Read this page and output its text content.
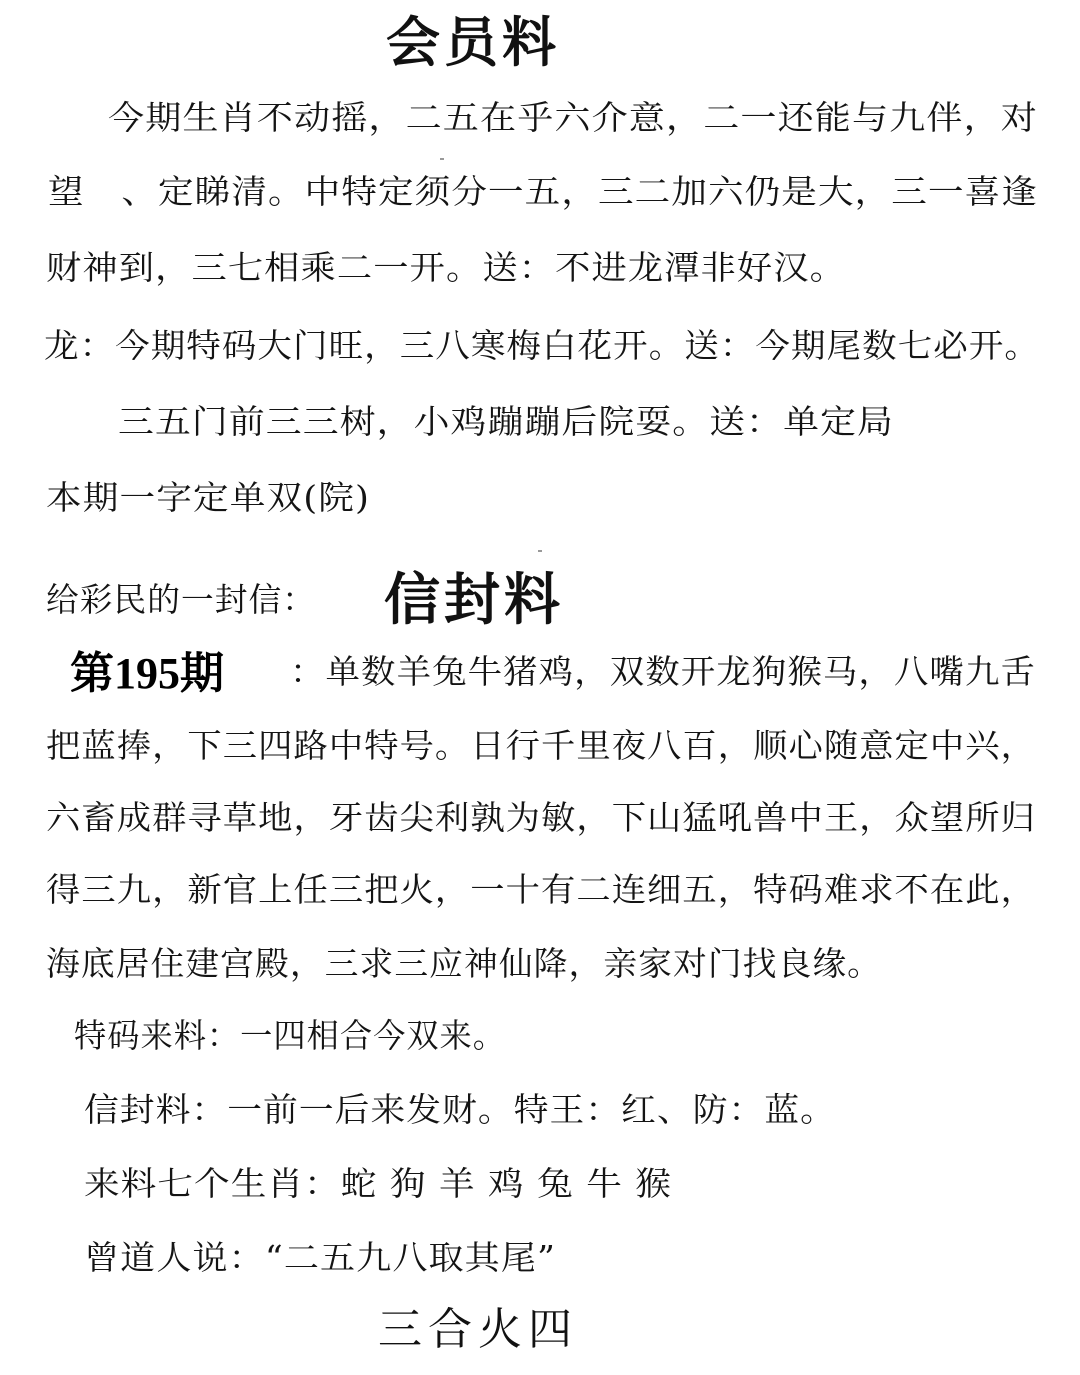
会员料
今期生肖不动摇，二五在乎六介意，二一还能与九伴，对
望　、定睇清。中特定须分一五，三二加六仍是大，三一喜逢
财神到，三七相乘二一开。送：不进龙潭非好汉。
龙：今期特码大门旺，三八寒梅白花开。送：今期尾数七必开。
三五门前三三树，小鸡蹦蹦后院耍。送：单定局
本期一字定单双(院)
给彩民的一封信： 信封料
第195期 ：单数羊兔牛猪鸡，双数开龙狗猴马，八嘴九舌
把蓝捧，下三四路中特号。日行千里夜八百，顺心随意定中兴，
六畜成群寻草地，牙齿尖利孰为敏，下山猛吼兽中王，众望所归
得三九，新官上任三把火，一十有二连细五，特码难求不在此，
海底居住建宫殿，三求三应神仙降，亲家对门找良缘。
特码来料：一四相合今双来。
信封料：一前一后来发财。特王：红、防：蓝。
来料七个生肖：蛇 狗 羊 鸡 兔 牛 猴
曾道人说：“二五九八取其尾”
三合火四
